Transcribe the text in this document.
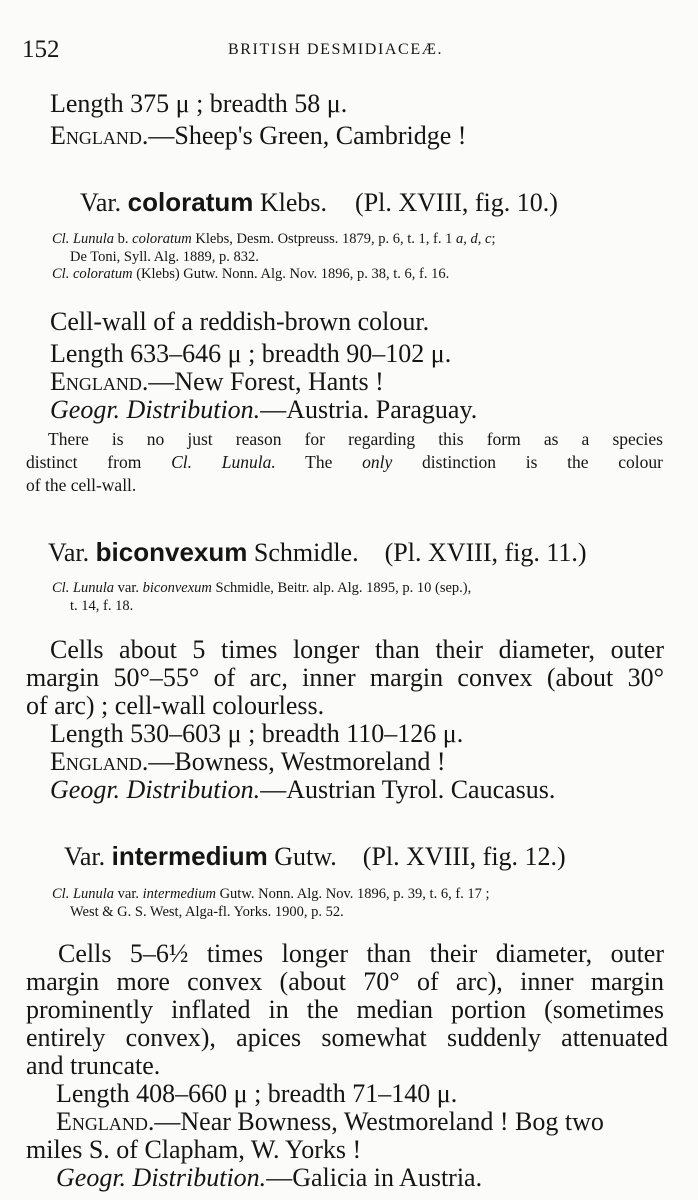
152	BRITISH DESMIDIACEÆ.
Length 375 μ ; breadth 58 μ.
England.—Sheep's Green, Cambridge !
Var. coloratum Klebs. (Pl. XVIII, fig. 10.)
Cl. Lunula b. coloratum Klebs, Desm. Ostpreuss. 1879, p. 6, t. 1, f. 1 a, d, c;
De Toni, Syll. Alg. 1889, p. 832.
Cl. coloratum (Klebs) Gutw. Nonn. Alg. Nov. 1896, p. 38, t. 6, f. 16.
Cell-wall of a reddish-brown colour.
Length 633–646 μ ; breadth 90–102 μ.
England.—New Forest, Hants !
Geogr. Distribution.—Austria. Paraguay.
There is no just reason for regarding this form as a species
distinct from Cl. Lunula. The only distinction is the colour
of the cell-wall.
Var. biconvexum Schmidle. (Pl. XVIII, fig. 11.)
Cl. Lunula var. biconvexum Schmidle, Beitr. alp. Alg. 1895, p. 10 (sep.),
t. 14, f. 18.
Cells about 5 times longer than their diameter, outer
margin 50°–55° of arc, inner margin convex (about 30°
of arc) ; cell-wall colourless.
Length 530–603 μ ; breadth 110–126 μ.
England.—Bowness, Westmoreland !
Geogr. Distribution.—Austrian Tyrol. Caucasus.
Var. intermedium Gutw. (Pl. XVIII, fig. 12.)
Cl. Lunula var. intermedium Gutw. Nonn. Alg. Nov. 1896, p. 39, t. 6, f. 17 ;
West & G. S. West, Alga-fl. Yorks. 1900, p. 52.
Cells 5–6½ times longer than their diameter, outer
margin more convex (about 70° of arc), inner margin
prominently inflated in the median portion (sometimes
entirely convex), apices somewhat suddenly attenuated
and truncate.
Length 408–660 μ ; breadth 71–140 μ.
England.—Near Bowness, Westmoreland ! Bog two
miles S. of Clapham, W. Yorks !
Geogr. Distribution.—Galicia in Austria.
